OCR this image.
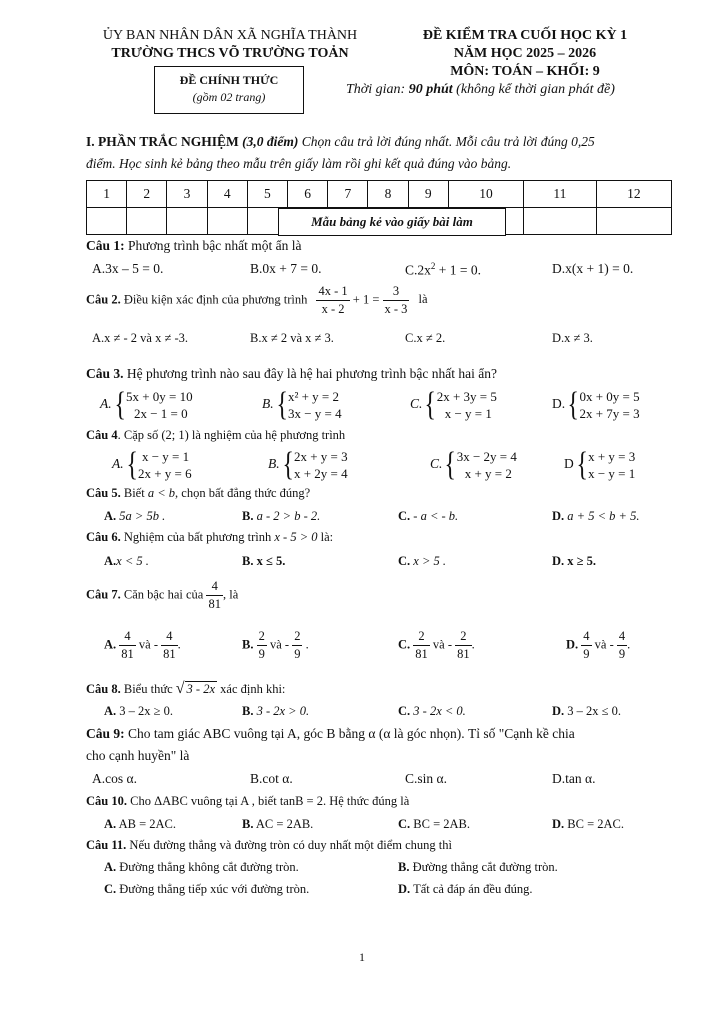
ỦY BAN NHÂN DÂN XÃ NGHĨA THÀNH
TRƯỜNG THCS VÕ TRƯỜNG TOẢN
ĐỀ CHÍNH THỨC
(gồm 02 trang)
ĐỀ KIỂM TRA CUỐI HỌC KỲ 1
NĂM HỌC 2025 – 2026
MÔN: TOÁN – KHỐI: 9
Thời gian: 90 phút (không kể thời gian phát đề)
I. PHẦN TRẮC NGHIỆM (3,0 điểm) Chọn câu trả lời đúng nhất. Mỗi câu trả lời đúng 0,25
điểm. Học sinh kẻ bảng theo mẫu trên giấy làm rồi ghi kết quả đúng vào bảng.
1	2	3	4	5	6	7	8	9	10	11	12

Mẫu bảng kẻ vào giấy bài làm
Câu 1: Phương trình bậc nhất một ẩn là
A.3x – 5 = 0.	B.0x + 7 = 0.	$C.2x^2 + 1 = 0$.	D.x(x + 1) = 0.
Câu 2. Điều kiện xác định của phương trình $\frac{4x - 1}{x - 2} + 1 = \frac{3}{x - 3}$ là
A.x ≠ - 2 và x ≠ -3.	B.x ≠ 2 và x ≠ 3.	C.x ≠ 2.	D.x ≠ 3.
Câu 3. Hệ phương trình nào sau đây là hệ hai phương trình bậc nhất hai ẩn?
A.{5x + 0y = 10
2x − 1 = 0
B.{x² + y = 2
3x − y = 4
C.{2x + 3y = 5
x − y = 1
D.{0x + 0y = 5
2x + 7y = 3
Câu 4. Cặp số (2; 1) là nghiệm của hệ phương trình
A.{ x − y = 1
2x + y = 6
B.{2x + y = 3
x + 2y = 4
C.{3x − 2y = 4
x + y = 2
D{x + y = 3
x − y = 1
Câu 5. Biết a < b, chọn bất đẳng thức đúng?
A. 5a > 5b .	B. a - 2 > b - 2.	C. - a < - b.	D. a + 5 < b + 5.
Câu 6. Nghiệm của bất phương trình x - 5 > 0 là:
A.x < 5 .	B. x ≤ 5.	C. x > 5 .	D. x ≥ 5.
Câu 7. Căn bậc hai của $\frac{4}{81}$ , là
A. $\frac{4}{81}$ và - $\frac{4}{81}$ .	B. $\frac{2}{9}$ và - $\frac{2}{9}$ .	C. $\frac{2}{81}$ và - $\frac{2}{81}$ .	D. $\frac{4}{9}$ và - $\frac{4}{9}$ .
Câu 8. Biểu thức √ 3 - 2x xác định khi:
A. 3 – 2x ≥ 0.	B. 3 - 2x > 0.	C. 3 - 2x < 0.	D. 3 – 2x ≤ 0.
Câu 9: Cho tam giác ABC vuông tại A, góc B bằng α (α là góc nhọn). Tỉ số "Cạnh kề chia
cho cạnh huyền" là
A.cos α.	B.cot α.	C.sin α.	D.tan α.
Câu 10. Cho ΔABC vuông tại A , biết tanB = 2. Hệ thức đúng là
A. AB = 2AC.	B. AC = 2AB.	C. BC = 2AB.	D. BC = 2AC.
Câu 11. Nếu đường thẳng và đường tròn có duy nhất một điểm chung thì
A. Đường thẳng không cắt đường tròn.	B. Đường thẳng cắt đường tròn.
C. Đường thẳng tiếp xúc với đường tròn.	D. Tất cả đáp án đều đúng.
1
